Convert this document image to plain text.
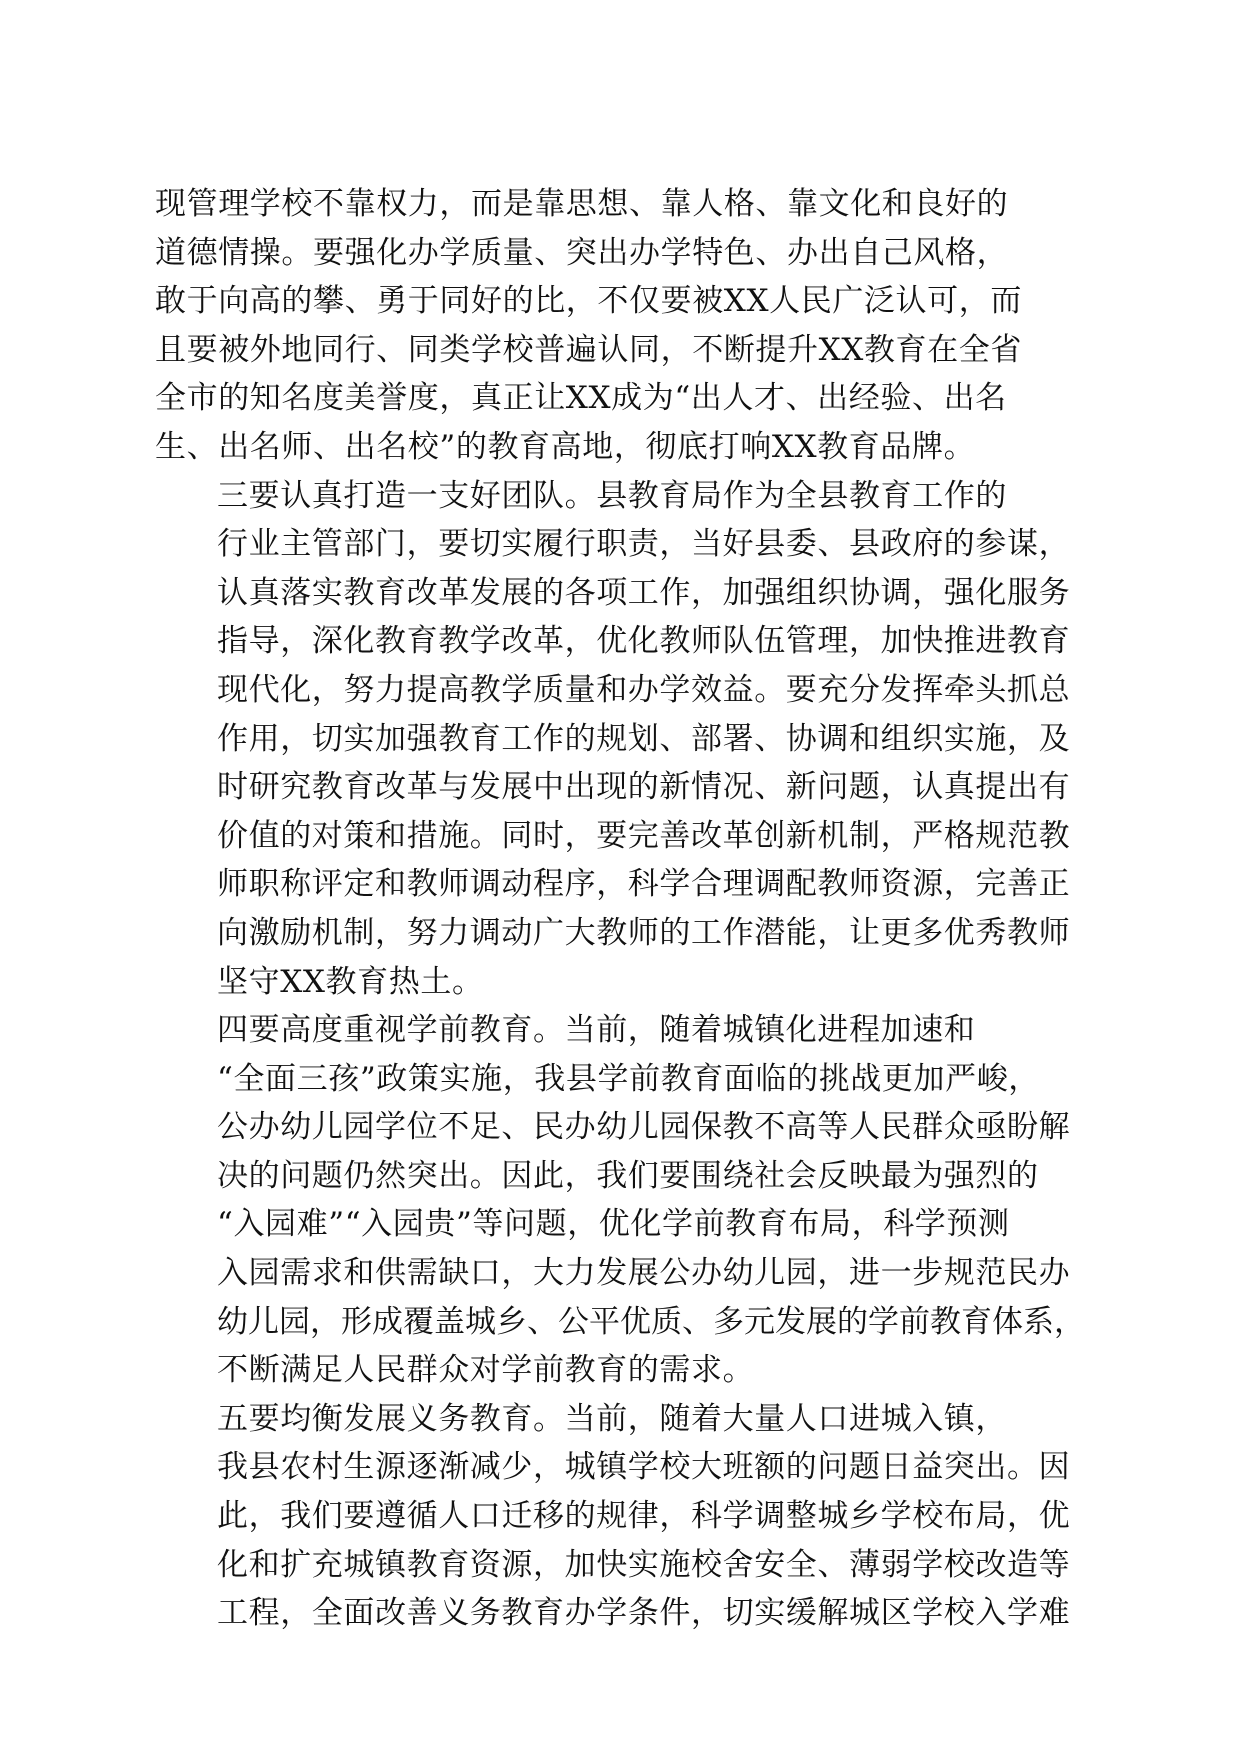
现管理学校不靠权力，而是靠思想、靠人格、靠文化和良好的
道德情操。要强化办学质量、突出办学特色、办出自己风格，
敢于向高的攀、勇于同好的比，不仅要被XX人民广泛认可，而
且要被外地同行、同类学校普遍认同，不断提升XX教育在全省
全市的知名度美誉度，真正让XX成为“出人才、出经验、出名
生、出名师、出名校”的教育高地，彻底打响XX教育品牌。
三要认真打造一支好团队。县教育局作为全县教育工作的
行业主管部门，要切实履行职责，当好县委、县政府的参谋，
认真落实教育改革发展的各项工作，加强组织协调，强化服务
指导，深化教育教学改革，优化教师队伍管理，加快推进教育
现代化，努力提高教学质量和办学效益。要充分发挥牵头抓总
作用，切实加强教育工作的规划、部署、协调和组织实施，及
时研究教育改革与发展中出现的新情况、新问题，认真提出有
价值的对策和措施。同时，要完善改革创新机制，严格规范教
师职称评定和教师调动程序，科学合理调配教师资源，完善正
向激励机制，努力调动广大教师的工作潜能，让更多优秀教师
坚守XX教育热土。
四要高度重视学前教育。当前，随着城镇化进程加速和
“全面三孩”政策实施，我县学前教育面临的挑战更加严峻，
公办幼儿园学位不足、民办幼儿园保教不高等人民群众亟盼解
决的问题仍然突出。因此，我们要围绕社会反映最为强烈的
“入园难”“入园贵”等问题，优化学前教育布局，科学预测
入园需求和供需缺口，大力发展公办幼儿园，进一步规范民办
幼儿园，形成覆盖城乡、公平优质、多元发展的学前教育体系，
不断满足人民群众对学前教育的需求。
五要均衡发展义务教育。当前，随着大量人口进城入镇，
我县农村生源逐渐减少，城镇学校大班额的问题日益突出。因
此，我们要遵循人口迁移的规律，科学调整城乡学校布局，优
化和扩充城镇教育资源，加快实施校舍安全、薄弱学校改造等
工程，全面改善义务教育办学条件，切实缓解城区学校入学难
